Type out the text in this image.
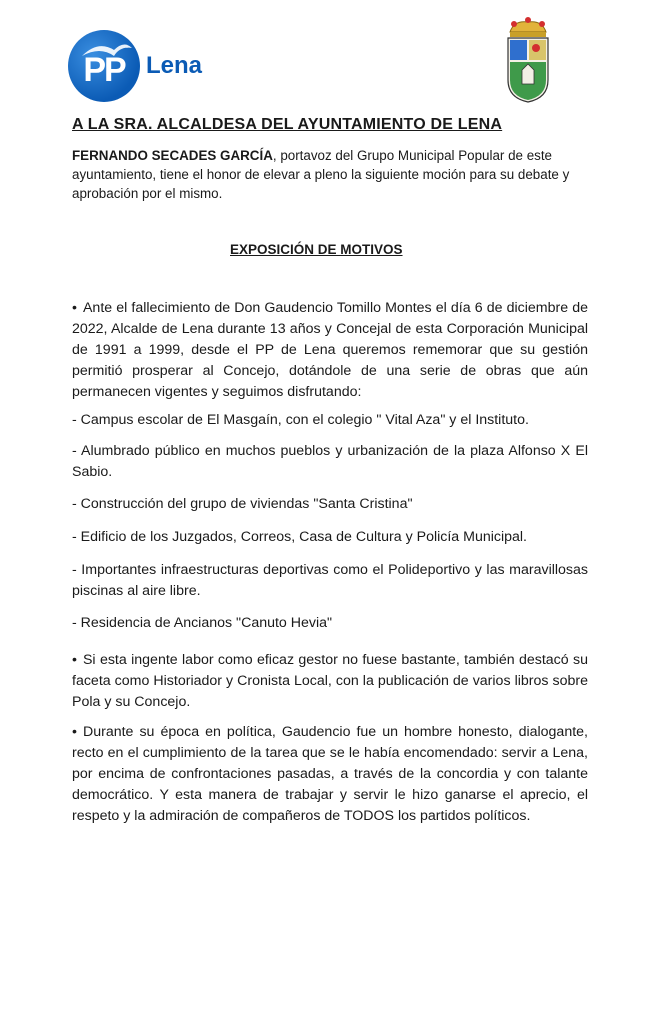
PP Lena
A LA SRA. ALCALDESA DEL AYUNTAMIENTO DE LENA
FERNANDO SECADES GARCÍA, portavoz del Grupo Municipal Popular de este ayuntamiento, tiene el honor de elevar a pleno la siguiente moción para su debate y aprobación por el mismo.
EXPOSICIÓN DE MOTIVOS
• Ante el fallecimiento de Don Gaudencio Tomillo Montes el día 6 de diciembre de 2022, Alcalde de Lena durante 13 años y Concejal de esta Corporación Municipal de 1991 a 1999, desde el PP de Lena queremos rememorar que su gestión permitió prosperar al Concejo, dotándole de una serie de obras que aún permanecen vigentes y seguimos disfrutando:
- Campus escolar de El Masgaín, con el colegio " Vital Aza" y el Instituto.
- Alumbrado público en muchos pueblos y urbanización de la plaza Alfonso X El Sabio.
- Construcción del grupo de viviendas "Santa Cristina"
- Edificio de los Juzgados, Correos, Casa de Cultura y Policía Municipal.
- Importantes infraestructuras deportivas como el Polideportivo y las maravillosas piscinas al aire libre.
- Residencia de Ancianos "Canuto Hevia"
• Si esta ingente labor como eficaz gestor no fuese bastante, también destacó su faceta como Historiador y Cronista Local, con la publicación de varios libros sobre Pola y su Concejo.
• Durante su época en política, Gaudencio fue un hombre honesto, dialogante, recto en el cumplimiento de la tarea que se le había encomendado: servir a Lena, por encima de confrontaciones pasadas, a través de la concordia y con talante democrático. Y esta manera de trabajar y servir le hizo ganarse el aprecio, el respeto y la admiración de compañeros de TODOS los partidos políticos.
